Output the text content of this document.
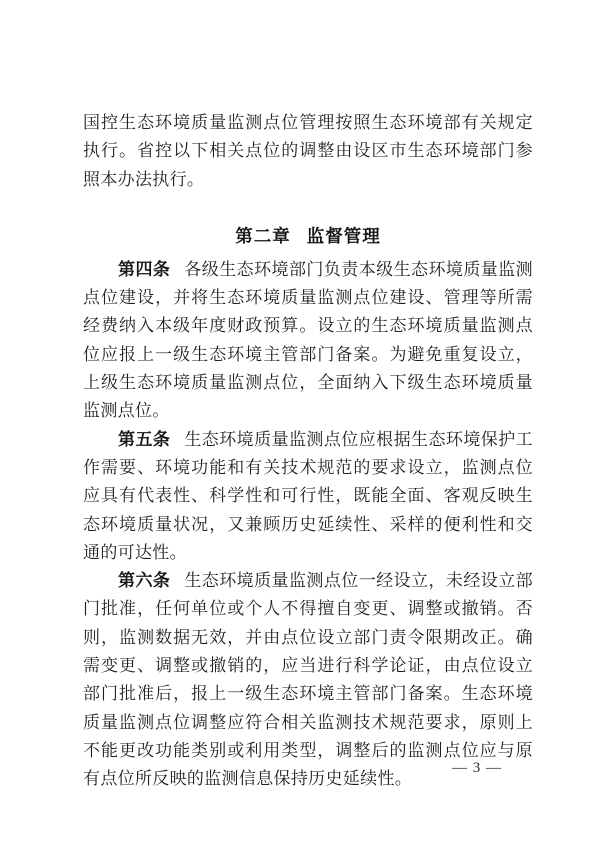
国控生态环境质量监测点位管理按照生态环境部有关规定执行。省控以下相关点位的调整由设区市生态环境部门参照本办法执行。

第二章 监督管理

第四条 各级生态环境部门负责本级生态环境质量监测点位建设，并将生态环境质量监测点位建设、管理等所需经费纳入本级年度财政预算。设立的生态环境质量监测点位应报上一级生态环境主管部门备案。为避免重复设立，上级生态环境质量监测点位，全面纳入下级生态环境质量监测点位。

第五条 生态环境质量监测点位应根据生态环境保护工作需要、环境功能和有关技术规范的要求设立，监测点位应具有代表性、科学性和可行性，既能全面、客观反映生态环境质量状况，又兼顾历史延续性、采样的便利性和交通的可达性。

第六条 生态环境质量监测点位一经设立，未经设立部门批准，任何单位或个人不得擅自变更、调整或撤销。否则，监测数据无效，并由点位设立部门责令限期改正。确需变更、调整或撤销的，应当进行科学论证，由点位设立部门批准后，报上一级生态环境主管部门备案。生态环境质量监测点位调整应符合相关监测技术规范要求，原则上不能更改功能类别或利用类型，调整后的监测点位应与原有点位所反映的监测信息保持历史延续性。

— 3 —
